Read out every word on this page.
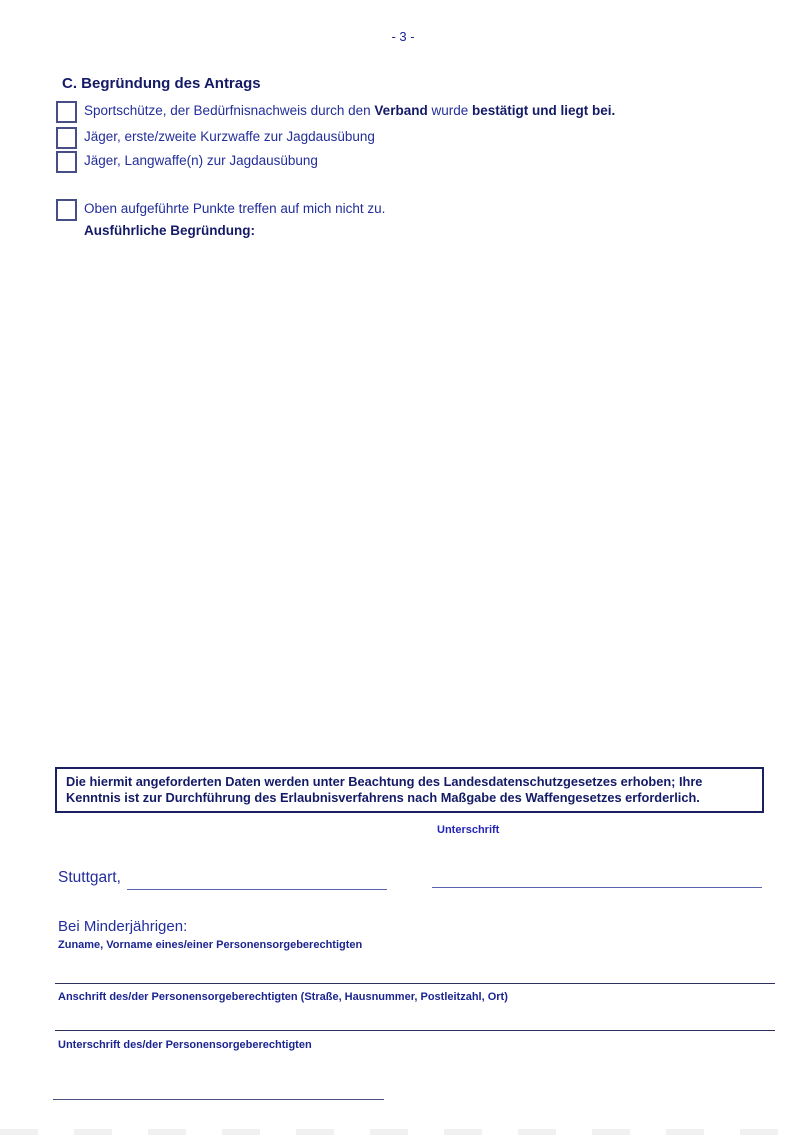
- 3 -
C. Begründung des Antrags
Sportschütze, der Bedürfnisnachweis durch den Verband wurde bestätigt und liegt bei.
Jäger, erste/zweite Kurzwaffe zur Jagdausübung
Jäger, Langwaffe(n) zur Jagdausübung
Oben aufgeführte Punkte treffen auf mich nicht zu.
Ausführliche Begründung:
Die hiermit angeforderten Daten werden unter Beachtung des Landesdatenschutzgesetzes erhoben; Ihre Kenntnis ist zur Durchführung des Erlaubnisverfahrens nach Maßgabe des Waffengesetzes erforderlich.
Unterschrift
Stuttgart,
Bei Minderjährigen:
Zuname, Vorname eines/einer Personensorgeberechtigten
Anschrift des/der Personensorgeberechtigten (Straße, Hausnummer, Postleitzahl, Ort)
Unterschrift des/der Personensorgeberechtigten
